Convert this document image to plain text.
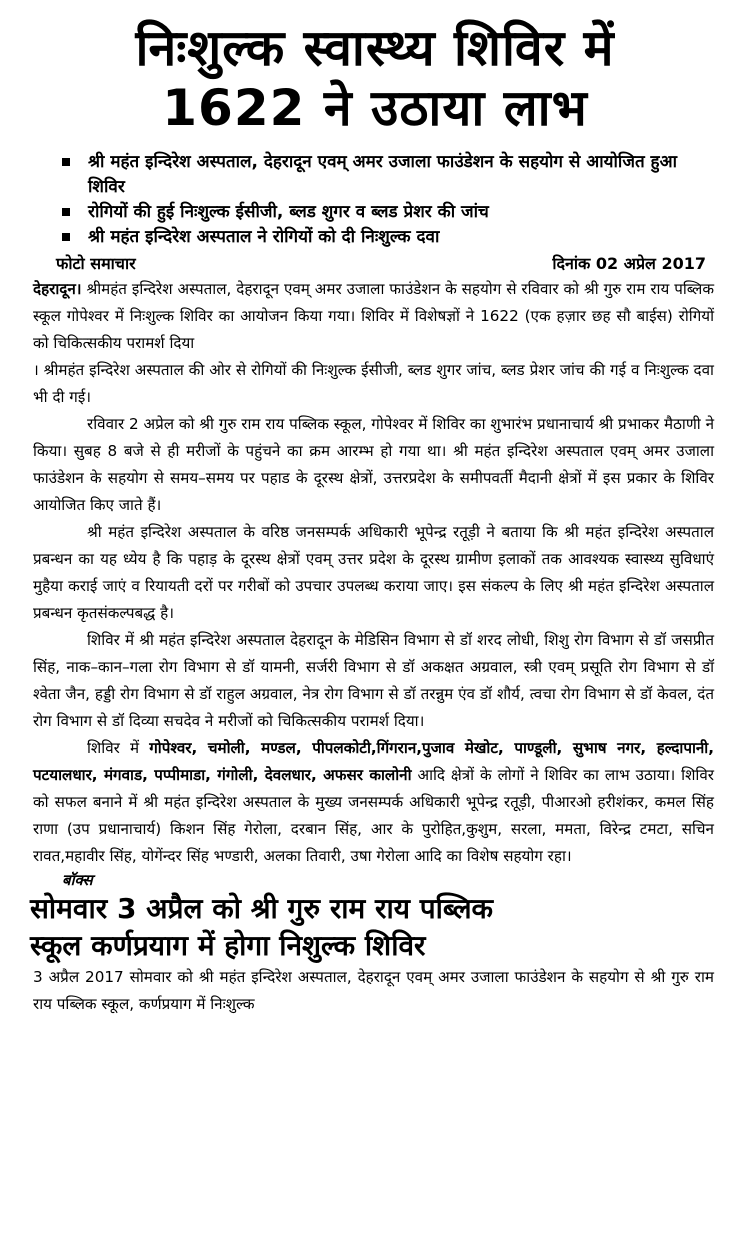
निःशुल्क स्वास्थ्य शिविर में
1622 ने उठाया लाभ
श्री महंत इन्दिरेश अस्पताल, देहरादून एवम् अमर उजाला फाउंडेशन के सहयोग से आयोजित हुआ शिविर
रोगियों की हुई निःशुल्क ईसीजी, ब्लड शुगर व ब्लड प्रेशर की जांच
श्री महंत इन्दिरेश अस्पताल ने रोगियों को दी निःशुल्क दवा
फोटो समाचार	दिनांक 02 अप्रेल 2017

देहरादून। श्रीमहंत इन्दिरेश अस्पताल, देहरादून एवम् अमर उजाला फाउंडेशन के सहयोग से रविवार को श्री गुरु राम राय पब्लिक स्कूल गोपेश्वर में निःशुल्क शिविर का आयोजन किया गया। शिविर में विशेषज्ञों ने 1622 (एक हज़ार छह सौ बाईस) रोगियों को चिकित्सकीय परामर्श दिया

। श्रीमहंत इन्दिरेश अस्पताल की ओर से रोगियों की निःशुल्क ईसीजी, ब्लड शुगर जांच, ब्लड प्रेशर जांच की गई व निःशुल्क दवा भी दी गई।

रविवार 2 अप्रेल को श्री गुरु राम राय पब्लिक स्कूल, गोपेश्वर में शिविर का शुभारंभ प्रधानाचार्य श्री प्रभाकर मैठाणी ने किया। सुबह 8 बजे से ही मरीजों के पहुंचने का क्रम आरम्भ हो गया था। श्री महंत इन्दिरेश अस्पताल एवम् अमर उजाला फाउंडेशन के सहयोग से समय–समय पर पहाड के दूरस्थ क्षेत्रों, उत्तरप्रदेश के समीपवर्ती मैदानी क्षेत्रों में इस प्रकार के शिविर आयोजित किए जाते हैं।

श्री महंत इन्दिरेश अस्पताल के वरिष्ठ जनसम्पर्क अधिकारी भूपेन्द्र रतूड़ी ने बताया कि श्री महंत इन्दिरेश अस्पताल प्रबन्धन का यह ध्येय है कि पहाड़ के दूरस्थ क्षेत्रों एवम् उत्तर प्रदेश के दूरस्थ ग्रामीण इलाकों तक आवश्यक स्वास्थ्य सुविधाएं मुहैया कराई जाएं व रियायती दरों पर गरीबों को उपचार उपलब्ध कराया जाए। इस संकल्प के लिए श्री महंत इन्दिरेश अस्पताल प्रबन्धन कृतसंकल्पबद्ध है।

शिविर में श्री महंत इन्दिरेश अस्पताल देहरादून के मेडिसिन विभाग से डॉ शरद लोधी, शिशु रोग विभाग से डॉ जसप्रीत सिंह, नाक–कान–गला रोग विभाग से डॉ यामनी, सर्जरी विभाग से डॉ अकक्षत अग्रवाल, स्त्री एवम् प्रसूति रोग विभाग से डॉ श्वेता जैन, हड्डी रोग विभाग से डॉ राहुल अग्रवाल, नेत्र रोग विभाग से डॉ तरन्नुम एंव डॉ शौर्य, त्वचा रोग विभाग से डॉ केवल, दंत रोग विभाग से डॉ दिव्या सचदेव ने मरीजों को चिकित्सकीय परामर्श दिया।

शिविर में गोपेश्वर, चमोली, मण्डल, पीपलकोटी,गिंगरान,पुजाव मेखोट, पाण्डूली, सुभाष नगर, हल्दापानी, पटयालधार, मंगवाड, पप्पीमाडा, गंगोली, देवलधार, अफसर कालोनी आदि क्षेत्रों के लोगों ने शिविर का लाभ उठाया। शिविर को सफल बनाने में श्री महंत इन्दिरेश अस्पताल के मुख्य जनसम्पर्क अधिकारी भूपेन्द्र रतूड़ी, पीआरओ हरीशंकर, कमल सिंह राणा (उप प्रधानाचार्य) किशन सिंह गेरोला, दरबान सिंह, आर के पुरोहित,कुशुम, सरला, ममता, विरेन्द्र टमटा, सचिन रावत,महावीर सिंह, योगेंन्दर सिंह भण्डारी, अलका तिवारी, उषा गेरोला आदि का विशेष सहयोग रहा।

बॉक्स
सोमवार 3 अप्रैल को श्री गुरु राम राय पब्लिक
स्कूल कर्णप्रयाग में होगा निशुल्क शिविर

3 अप्रैल 2017 सोमवार को श्री महंत इन्दिरेश अस्पताल, देहरादून एवम् अमर उजाला फाउंडेशन के सहयोग से श्री गुरु राम राय पब्लिक स्कूल, कर्णप्रयाग में निःशुल्क
